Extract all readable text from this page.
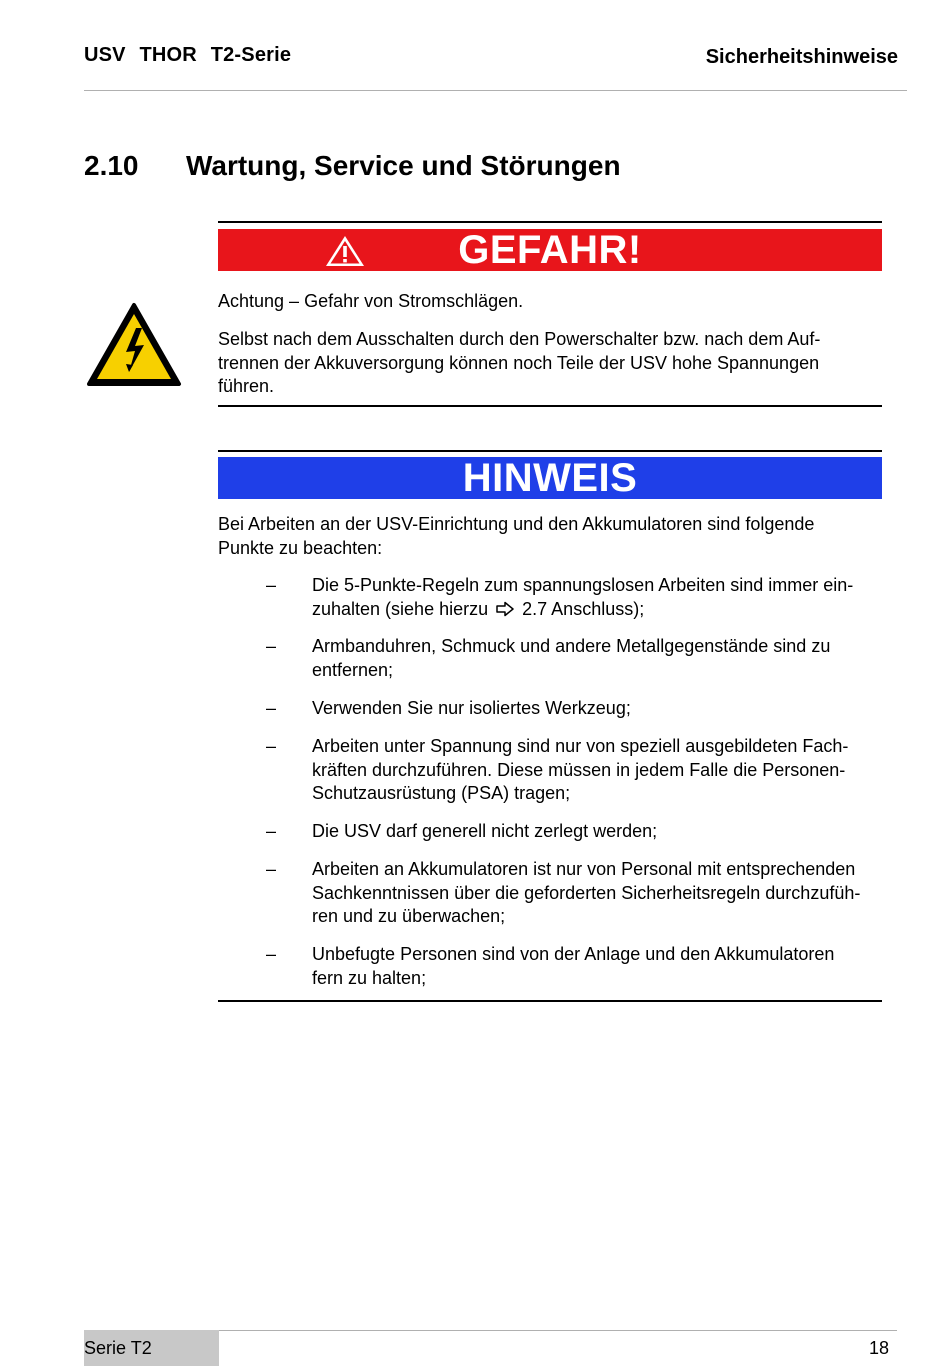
USV THOR T2-Serie	Sicherheitshinweise
2.10 Wartung, Service und Störungen
GEFAHR!
Achtung – Gefahr von Stromschlägen.
Selbst nach dem Ausschalten durch den Powerschalter bzw. nach dem Auf-
trennen der Akkuversorgung können noch Teile der USV hohe Spannungen
führen.
HINWEIS
Bei Arbeiten an der USV-Einrichtung und den Akkumulatoren sind folgende
Punkte zu beachten:
– Die 5-Punkte-Regeln zum spannungslosen Arbeiten sind immer ein-
zuhalten (siehe hierzu 2.7 Anschluss);
– Armbanduhren, Schmuck und andere Metallgegenstände sind zu
entfernen;
– Verwenden Sie nur isoliertes Werkzeug;
– Arbeiten unter Spannung sind nur von speziell ausgebildeten Fach-
kräften durchzuführen. Diese müssen in jedem Falle die Personen-
Schutzausrüstung (PSA) tragen;
– Die USV darf generell nicht zerlegt werden;
– Arbeiten an Akkumulatoren ist nur von Personal mit entsprechenden
Sachkenntnissen über die geforderten Sicherheitsregeln durchzufüh-
ren und zu überwachen;
– Unbefugte Personen sind von der Anlage und den Akkumulatoren
fern zu halten;
Serie T2	18
